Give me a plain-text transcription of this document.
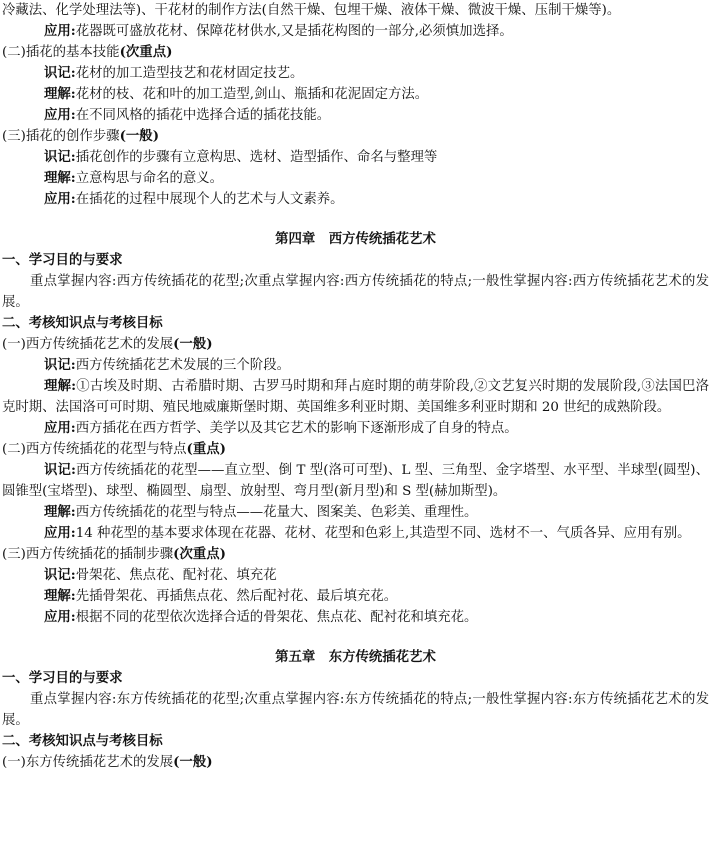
冷藏法、化学处理法等)、干花材的制作方法(自然干燥、包埋干燥、液体干燥、微波干燥、压制干燥等)。

应用:花器既可盛放花材、保障花材供水,又是插花构图的一部分,必须慎加选择。

(二)插花的基本技能(次重点)

识记:花材的加工造型技艺和花材固定技艺。

理解:花材的枝、花和叶的加工造型,剑山、瓶插和花泥固定方法。

应用:在不同风格的插花中选择合适的插花技能。

(三)插花的创作步骤(一般)

识记:插花创作的步骤有立意构思、选材、造型插作、命名与整理等

理解:立意构思与命名的意义。

应用:在插花的过程中展现个人的艺术与人文素养。

第四章　西方传统插花艺术

一、学习目的与要求

重点掌握内容:西方传统插花的花型;次重点掌握内容:西方传统插花的特点;一般性掌握内容:西方传统插花艺术的发展。

二、考核知识点与考核目标

(一)西方传统插花艺术的发展(一般)

识记:西方传统插花艺术发展的三个阶段。

理解:①古埃及时期、古希腊时期、古罗马时期和拜占庭时期的萌芽阶段,②文艺复兴时期的发展阶段,③法国巴洛克时期、法国洛可可时期、殖民地威廉斯堡时期、英国维多利亚时期、美国维多利亚时期和 20 世纪的成熟阶段。

应用:西方插花在西方哲学、美学以及其它艺术的影响下逐渐形成了自身的特点。

(二)西方传统插花的花型与特点(重点)

识记:西方传统插花的花型——直立型、倒 T 型(洛可可型)、L 型、三角型、金字塔型、水平型、半球型(圆型)、圆锥型(宝塔型)、球型、椭圆型、扇型、放射型、弯月型(新月型)和 S 型(赫加斯型)。

理解:西方传统插花的花型与特点——花量大、图案美、色彩美、重理性。

应用:14 种花型的基本要求体现在花器、花材、花型和色彩上,其造型不同、选材不一、气质各异、应用有别。

(三)西方传统插花的插制步骤(次重点)

识记:骨架花、焦点花、配衬花、填充花

理解:先插骨架花、再插焦点花、然后配衬花、最后填充花。

应用:根据不同的花型依次选择合适的骨架花、焦点花、配衬花和填充花。

第五章　东方传统插花艺术

一、学习目的与要求

重点掌握内容:东方传统插花的花型;次重点掌握内容:东方传统插花的特点;一般性掌握内容:东方传统插花艺术的发展。

二、考核知识点与考核目标

(一)东方传统插花艺术的发展(一般)
